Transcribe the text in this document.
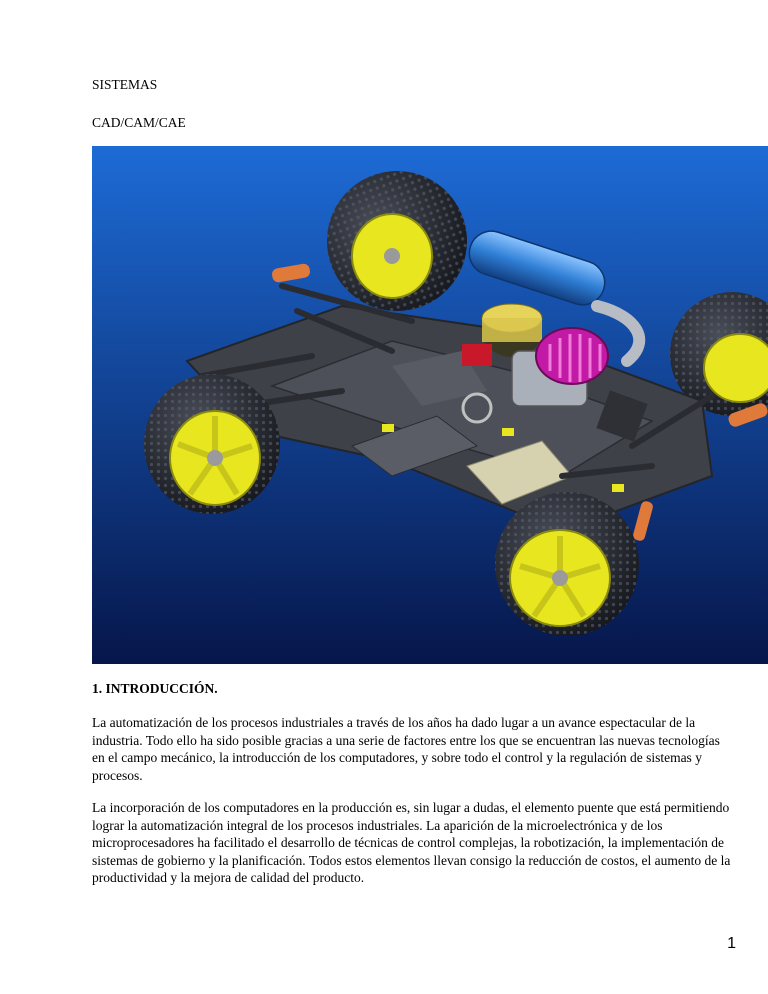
SISTEMAS
CAD/CAM/CAE
1. INTRODUCCIÓN.

La automatización de los procesos industriales a través de los años ha dado lugar a un avance espectacular de la industria. Todo ello ha sido posible gracias a una serie de factores entre los que se encuentran las nuevas tecnologías en el campo mecánico, la introducción de los computadores, y sobre todo el control y la regulación de sistemas y procesos.

La incorporación de los computadores en la producción es, sin lugar a dudas, el elemento puente que está permitiendo lograr la automatización integral de los procesos industriales. La aparición de la microelectrónica y de los microprocesadores ha facilitado el desarrollo de técnicas de control complejas, la robotización, la implementación de sistemas de gobierno y la planificación. Todos estos elementos llevan consigo la reducción de costos, el aumento de la productividad y la mejora de calidad del producto.

1
